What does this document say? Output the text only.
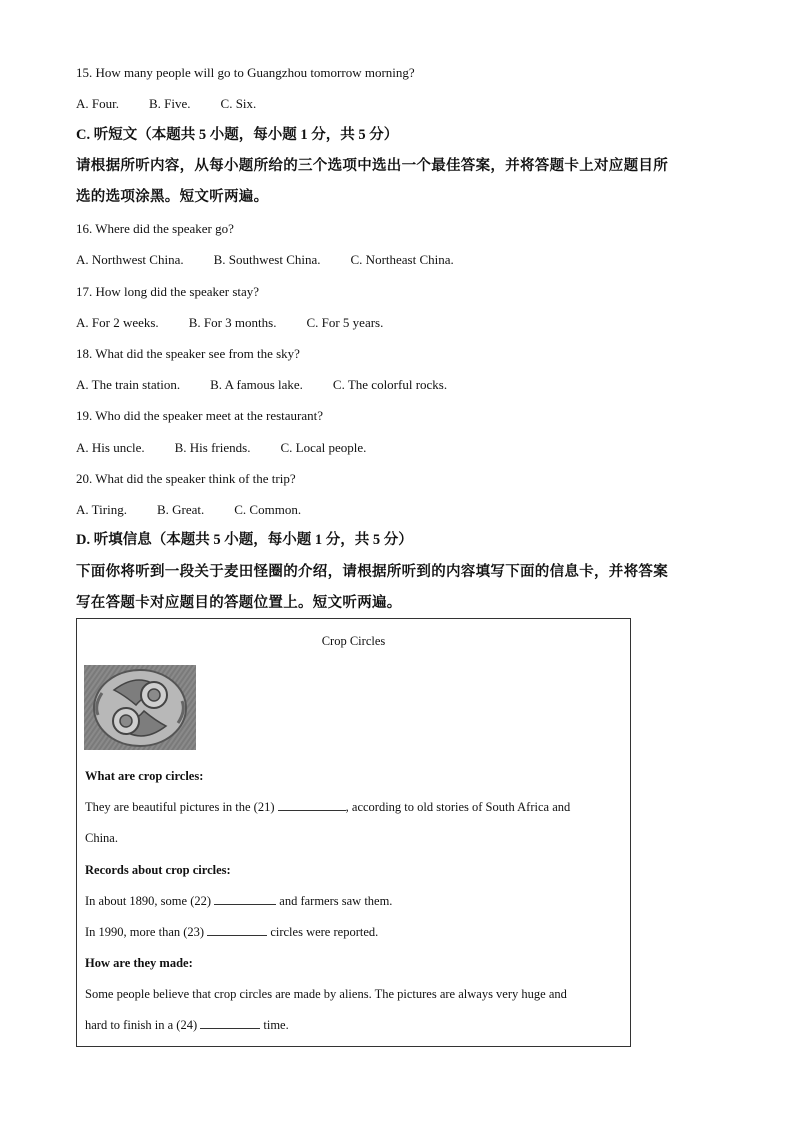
15. How many people will go to Guangzhou tomorrow morning?
A. Four. B. Five. C. Six.
C. 听短文（本题共 5 小题，每小题 1 分，共 5 分）
请根据所听内容，从每小题所给的三个选项中选出一个最佳答案，并将答题卡上对应题目所
选的选项涂黑。短文听两遍。
16. Where did the speaker go?
A. Northwest China. B. Southwest China. C. Northeast China.
17. How long did the speaker stay?
A. For 2 weeks. B. For 3 months. C. For 5 years.
18. What did the speaker see from the sky?
A. The train station. B. A famous lake. C. The colorful rocks.
19. Who did the speaker meet at the restaurant?
A. His uncle. B. His friends. C. Local people.
20. What did the speaker think of the trip?
A. Tiring. B. Great. C. Common.
D. 听填信息（本题共 5 小题，每小题 1 分，共 5 分）
下面你将听到一段关于麦田怪圈的介绍，请根据所听到的内容填写下面的信息卡，并将答案
写在答题卡对应题目的答题位置上。短文听两遍。
Crop Circles
What are crop circles:
They are beautiful pictures in the (21)	, according to old stories of South Africa and
China.
Records about crop circles:
In about 1890, some (22)	and farmers saw them.
In 1990, more than (23)	circles were reported.
How are they made:
Some people believe that crop circles are made by aliens. The pictures are always very huge and
hard to finish in a (24)	time.
